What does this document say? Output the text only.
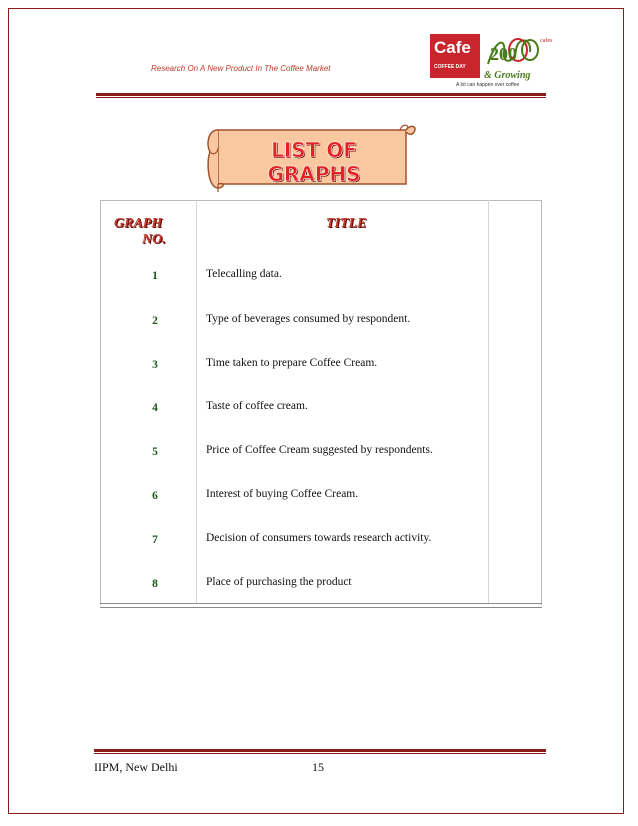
Research On A New Product In The Coffee Market
Cafe
COFFEE DAY
200
cafes
& Growing
A lot can happen over coffee
LIST OF GRAPHS
GRAPH
NO.
TITLE
1	Telecalling data.
2	Type of beverages consumed by respondent.
3	Time taken to prepare Coffee Cream.
4	Taste of coffee cream.
5	Price of Coffee Cream suggested by respondents.
6	Interest of buying Coffee Cream.
7	Decision of consumers towards research activity.
8	Place of purchasing the product
IIPM, New Delhi	15
